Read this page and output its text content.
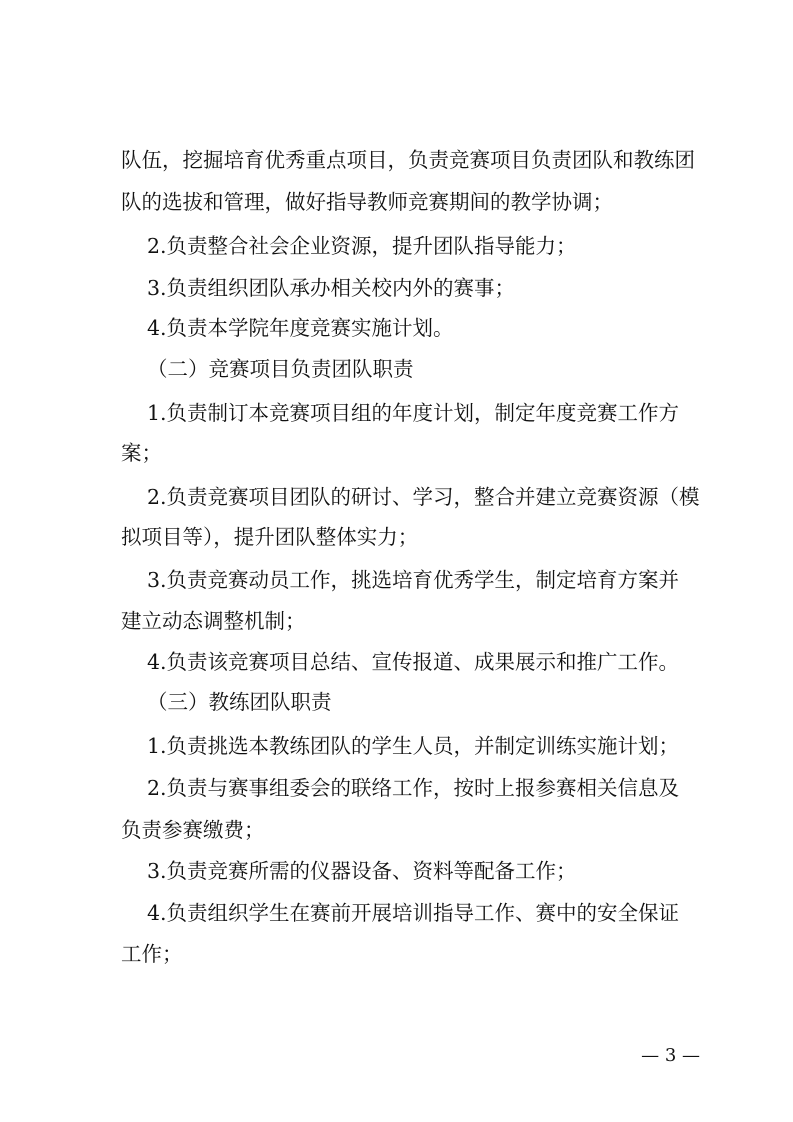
队伍，挖掘培育优秀重点项目，负责竞赛项目负责团队和教练团
队的选拔和管理，做好指导教师竞赛期间的教学协调；
2.负责整合社会企业资源，提升团队指导能力；
3.负责组织团队承办相关校内外的赛事；
4.负责本学院年度竞赛实施计划。
（二）竞赛项目负责团队职责
1.负责制订本竞赛项目组的年度计划，制定年度竞赛工作方
案；
2.负责竞赛项目团队的研讨、学习，整合并建立竞赛资源（模
拟项目等），提升团队整体实力；
3.负责竞赛动员工作，挑选培育优秀学生，制定培育方案并
建立动态调整机制；
4.负责该竞赛项目总结、宣传报道、成果展示和推广工作。
（三）教练团队职责
1.负责挑选本教练团队的学生人员，并制定训练实施计划；
2.负责与赛事组委会的联络工作，按时上报参赛相关信息及
负责参赛缴费；
3.负责竞赛所需的仪器设备、资料等配备工作；
4.负责组织学生在赛前开展培训指导工作、赛中的安全保证
工作；
— 3 —
